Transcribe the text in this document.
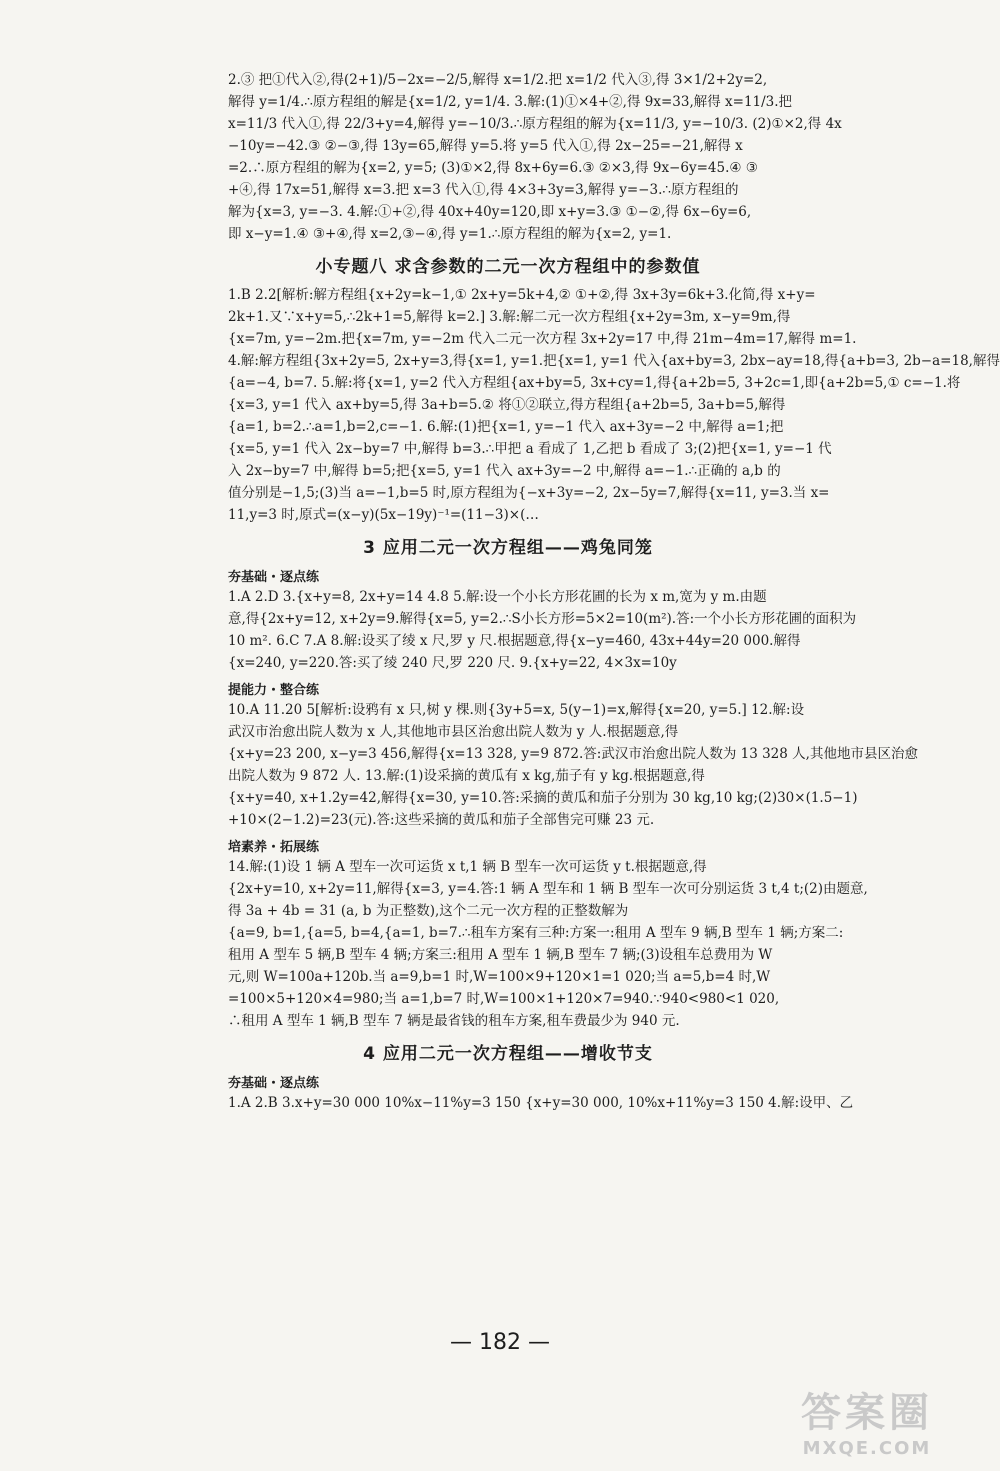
2.③ 把①代入②,得(2+1)/5−2x=−2/5,解得 x=1/2.把 x=1/2 代入③,得 3×1/2+2y=2,
解得 y=1/4.∴原方程组的解是{x=1/2, y=1/4. 3.解:(1)①×4+②,得 9x=33,解得 x=11/3.把
x=11/3 代入①,得 22/3+y=4,解得 y=−10/3.∴原方程组的解为{x=11/3, y=−10/3. (2)①×2,得 4x
−10y=−42.③ ②−③,得 13y=65,解得 y=5.将 y=5 代入①,得 2x−25=−21,解得 x
=2.∴原方程组的解为{x=2, y=5; (3)①×2,得 8x+6y=6.③ ②×3,得 9x−6y=45.④ ③
+④,得 17x=51,解得 x=3.把 x=3 代入①,得 4×3+3y=3,解得 y=−3.∴原方程组的
解为{x=3, y=−3. 4.解:①+②,得 40x+40y=120,即 x+y=3.③ ①−②,得 6x−6y=6,
即 x−y=1.④ ③+④,得 x=2,③−④,得 y=1.∴原方程组的解为{x=2, y=1.
小专题八 求含参数的二元一次方程组中的参数值
1.B 2.2[解析:解方程组{x+2y=k−1,① 2x+y=5k+4,② ①+②,得 3x+3y=6k+3.化简,得 x+y=
2k+1.又∵x+y=5,∴2k+1=5,解得 k=2.] 3.解:解二元一次方程组{x+2y=3m, x−y=9m,得
{x=7m, y=−2m.把{x=7m, y=−2m 代入二元一次方程 3x+2y=17 中,得 21m−4m=17,解得 m=1.
4.解:解方程组{3x+2y=5, 2x+y=3,得{x=1, y=1.把{x=1, y=1 代入{ax+by=3, 2bx−ay=18,得{a+b=3, 2b−a=18,解得
{a=−4, b=7. 5.解:将{x=1, y=2 代入方程组{ax+by=5, 3x+cy=1,得{a+2b=5, 3+2c=1,即{a+2b=5,① c=−1.将
{x=3, y=1 代入 ax+by=5,得 3a+b=5.② 将①②联立,得方程组{a+2b=5, 3a+b=5,解得
{a=1, b=2.∴a=1,b=2,c=−1. 6.解:(1)把{x=1, y=−1 代入 ax+3y=−2 中,解得 a=1;把
{x=5, y=1 代入 2x−by=7 中,解得 b=3.∴甲把 a 看成了 1,乙把 b 看成了 3;(2)把{x=1, y=−1 代
入 2x−by=7 中,解得 b=5;把{x=5, y=1 代入 ax+3y=−2 中,解得 a=−1.∴正确的 a,b 的
值分别是−1,5;(3)当 a=−1,b=5 时,原方程组为{−x+3y=−2, 2x−5y=7,解得{x=11, y=3.当 x=
11,y=3 时,原式=(x−y)(5x−19y)⁻¹=(11−3)×(…
3 应用二元一次方程组——鸡兔同笼
夯基础・逐点练
1.A 2.D 3.{x+y=8, 2x+y=14 4.8 5.解:设一个小长方形花圃的长为 x m,宽为 y m.由题
意,得{2x+y=12, x+2y=9.解得{x=5, y=2.∴S小长方形=5×2=10(m²).答:一个小长方形花圃的面积为
10 m². 6.C 7.A 8.解:设买了绫 x 尺,罗 y 尺.根据题意,得{x−y=460, 43x+44y=20 000.解得
{x=240, y=220.答:买了绫 240 尺,罗 220 尺. 9.{x+y=22, 4×3x=10y
提能力・整合练
10.A 11.20 5[解析:设鸦有 x 只,树 y 棵.则{3y+5=x, 5(y−1)=x,解得{x=20, y=5.] 12.解:设
武汉市治愈出院人数为 x 人,其他地市县区治愈出院人数为 y 人.根据题意,得
{x+y=23 200, x−y=3 456,解得{x=13 328, y=9 872.答:武汉市治愈出院人数为 13 328 人,其他地市县区治愈
出院人数为 9 872 人. 13.解:(1)设采摘的黄瓜有 x kg,茄子有 y kg.根据题意,得
{x+y=40, x+1.2y=42,解得{x=30, y=10.答:采摘的黄瓜和茄子分别为 30 kg,10 kg;(2)30×(1.5−1)
+10×(2−1.2)=23(元).答:这些采摘的黄瓜和茄子全部售完可赚 23 元.
培素养・拓展练
14.解:(1)设 1 辆 A 型车一次可运货 x t,1 辆 B 型车一次可运货 y t.根据题意,得
{2x+y=10, x+2y=11,解得{x=3, y=4.答:1 辆 A 型车和 1 辆 B 型车一次可分别运货 3 t,4 t;(2)由题意,
得 3a + 4b = 31 (a, b 为正整数),这个二元一次方程的正整数解为
{a=9, b=1,{a=5, b=4,{a=1, b=7.∴租车方案有三种:方案一:租用 A 型车 9 辆,B 型车 1 辆;方案二:
租用 A 型车 5 辆,B 型车 4 辆;方案三:租用 A 型车 1 辆,B 型车 7 辆;(3)设租车总费用为 W
元,则 W=100a+120b.当 a=9,b=1 时,W=100×9+120×1=1 020;当 a=5,b=4 时,W
=100×5+120×4=980;当 a=1,b=7 时,W=100×1+120×7=940.∵940<980<1 020,
∴租用 A 型车 1 辆,B 型车 7 辆是最省钱的租车方案,租车费最少为 940 元.
4 应用二元一次方程组——增收节支
夯基础・逐点练
1.A 2.B 3.x+y=30 000 10%x−11%y=3 150 {x+y=30 000, 10%x+11%y=3 150 4.解:设甲、乙
— 182 —
答案圈
MXQE.COM
